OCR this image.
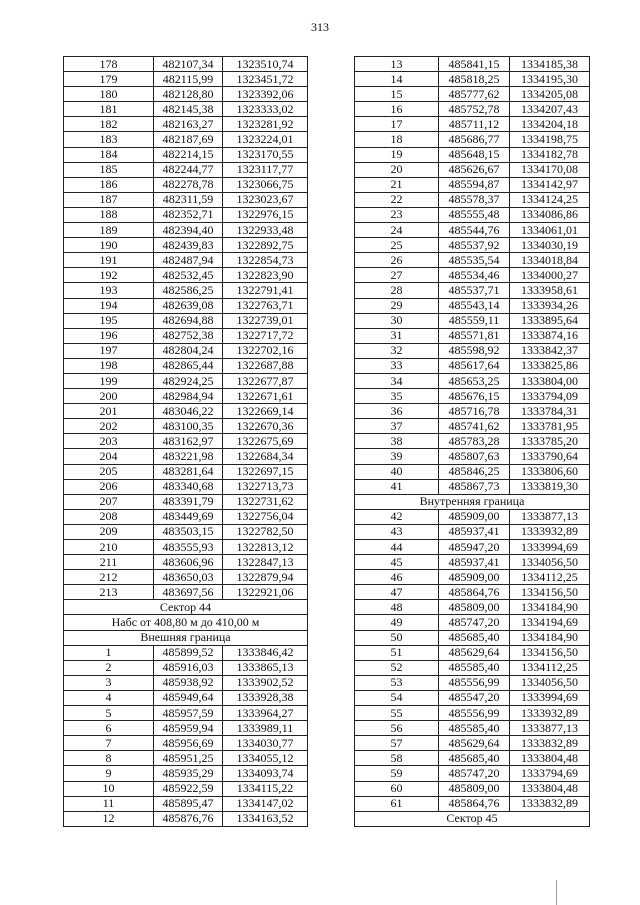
313
178	482107,34	1323510,74
179	482115,99	1323451,72
180	482128,80	1323392,06
181	482145,38	1323333,02
182	482163,27	1323281,92
183	482187,69	1323224,01
184	482214,15	1323170,55
185	482244,77	1323117,77
186	482278,78	1323066,75
187	482311,59	1323023,67
188	482352,71	1322976,15
189	482394,40	1322933,48
190	482439,83	1322892,75
191	482487,94	1322854,73
192	482532,45	1322823,90
193	482586,25	1322791,41
194	482639,08	1322763,71
195	482694,88	1322739,01
196	482752,38	1322717,72
197	482804,24	1322702,16
198	482865,44	1322687,88
199	482924,25	1322677,87
200	482984,94	1322671,61
201	483046,22	1322669,14
202	483100,35	1322670,36
203	483162,97	1322675,69
204	483221,98	1322684,34
205	483281,64	1322697,15
206	483340,68	1322713,73
207	483391,79	1322731,62
208	483449,69	1322756,04
209	483503,15	1322782,50
210	483555,93	1322813,12
211	483606,96	1322847,13
212	483650,03	1322879,94
213	483697,56	1322921,06
Сектор 44		
Набс от 408,80 м до 410,00 м		
Внешняя граница		
1	485899,52	1333846,42
2	485916,03	1333865,13
3	485938,92	1333902,52
4	485949,64	1333928,38
5	485957,59	1333964,27
6	485959,94	1333989,11
7	485956,69	1334030,77
8	485951,25	1334055,12
9	485935,29	1334093,74
10	485922,59	1334115,22
11	485895,47	1334147,02
12	485876,76	1334163,52
13	485841,15	1334185,38
14	485818,25	1334195,30
15	485777,62	1334205,08
16	485752,78	1334207,43
17	485711,12	1334204,18
18	485686,77	1334198,75
19	485648,15	1334182,78
20	485626,67	1334170,08
21	485594,87	1334142,97
22	485578,37	1334124,25
23	485555,48	1334086,86
24	485544,76	1334061,01
25	485537,92	1334030,19
26	485535,54	1334018,84
27	485534,46	1334000,27
28	485537,71	1333958,61
29	485543,14	1333934,26
30	485559,11	1333895,64
31	485571,81	1333874,16
32	485598,92	1333842,37
33	485617,64	1333825,86
34	485653,25	1333804,00
35	485676,15	1333794,09
36	485716,78	1333784,31
37	485741,62	1333781,95
38	485783,28	1333785,20
39	485807,63	1333790,64
40	485846,25	1333806,60
41	485867,73	1333819,30
Внутренняя граница		
42	485909,00	1333877,13
43	485937,41	1333932,89
44	485947,20	1333994,69
45	485937,41	1334056,50
46	485909,00	1334112,25
47	485864,76	1334156,50
48	485809,00	1334184,90
49	485747,20	1334194,69
50	485685,40	1334184,90
51	485629,64	1334156,50
52	485585,40	1334112,25
53	485556,99	1334056,50
54	485547,20	1333994,69
55	485556,99	1333932,89
56	485585,40	1333877,13
57	485629,64	1333832,89
58	485685,40	1333804,48
59	485747,20	1333794,69
60	485809,00	1333804,48
61	485864,76	1333832,89
Сектор 45		
